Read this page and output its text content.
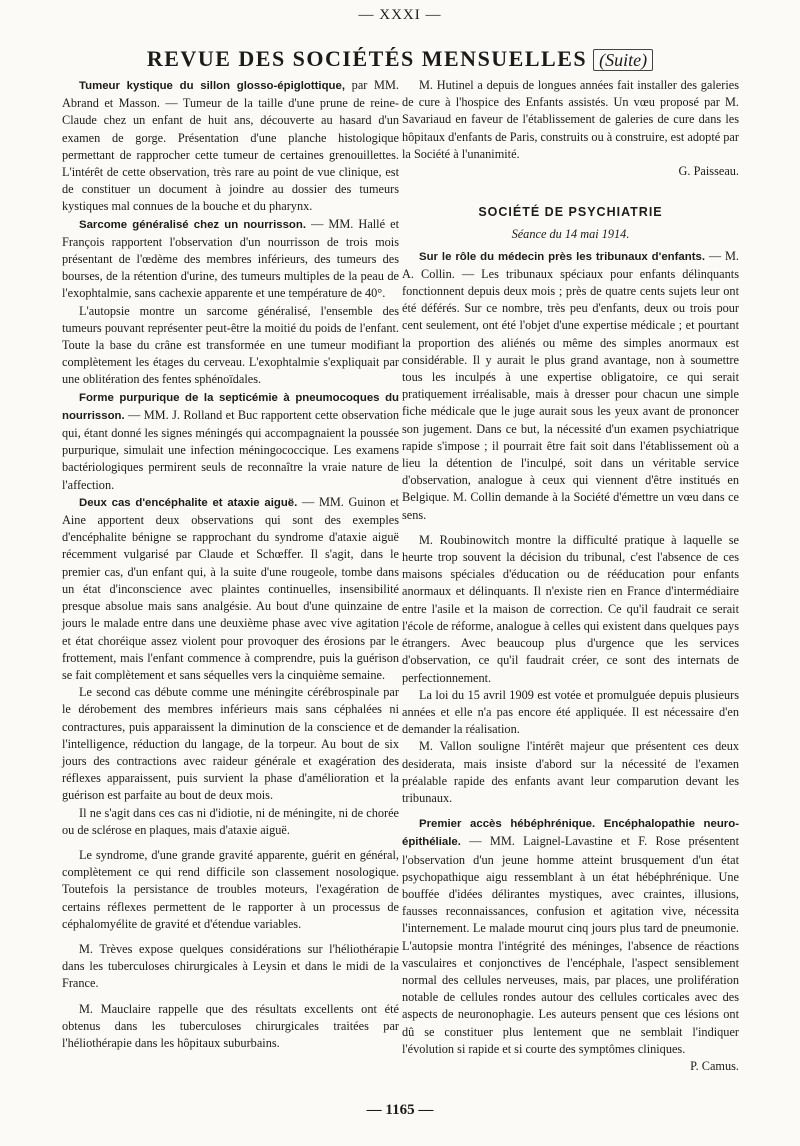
— XXXI —
REVUE DES SOCIÉTÉS MENSUELLES (Suite)

Tumeur kystique du sillon glosso-épiglottique, par MM. Abrand et Masson. — Tumeur de la taille d'une prune de reine-Claude chez un enfant de huit ans, découverte au hasard d'un examen de gorge. Présentation d'une planche histologique permettant de rapprocher cette tumeur de certaines grenouillettes. L'intérêt de cette observation, très rare au point de vue clinique, est de constituer un document à joindre au dossier des tumeurs kystiques mal connues de la bouche et du pharynx.

Sarcome généralisé chez un nourrisson. — MM. Hallé et François rapportent l'observation d'un nourrisson de trois mois présentant de l'œdème des membres inférieurs, des tumeurs des bourses, de la rétention d'urine, des tumeurs multiples de la peau de l'exophtalmie, sans cachexie apparente et une température de 40°.

L'autopsie montre un sarcome généralisé, l'ensemble des tumeurs pouvant représenter peut-être la moitié du poids de l'enfant. Toute la base du crâne est transformée en une tumeur modifiant complètement les étages du cerveau. L'exophtalmie s'expliquait par une oblitération des fentes sphénoïdales.

Forme purpurique de la septicémie à pneumocoques du nourrisson. — MM. J. Rolland et Buc rapportent cette observation qui, étant donné les signes méningés qui accompagnaient la poussée purpurique, simulait une infection méningococcique. Les examens bactériologiques permirent seuls de reconnaître la vraie nature de l'affection.

Deux cas d'encéphalite et ataxie aiguë. — MM. Guinon et Aine apportent deux observations qui sont des exemples d'encéphalite bénigne se rapprochant du syndrome d'ataxie aiguë récemment vulgarisé par Claude et Schœffer. Il s'agit, dans le premier cas, d'un enfant qui, à la suite d'une rougeole, tombe dans un état d'inconscience avec plaintes continuelles, insensibilité presque absolue mais sans analgésie. Au bout d'une quinzaine de jours le malade entre dans une deuxième phase avec vive agitation et état choréique assez violent pour provoquer des érosions par le frottement, mais l'enfant commence à comprendre, puis la guérison se fait complètement et sans séquelles vers la cinquième semaine.

Le second cas débute comme une méningite cérébrospinale par le dérobement des membres inférieurs mais sans céphalées ni contractures, puis apparaissent la diminution de la conscience et de l'intelligence, réduction du langage, de la torpeur. Au bout de six jours des contractions avec raideur générale et exagération des réflexes apparaissent, puis survient la phase d'amélioration et la guérison est parfaite au bout de deux mois.

Il ne s'agit dans ces cas ni d'idiotie, ni de méningite, ni de chorée ou de sclérose en plaques, mais d'ataxie aiguë.

Le syndrome, d'une grande gravité apparente, guérit en général, complètement ce qui rend difficile son classement nosologique. Toutefois la persistance de troubles moteurs, l'exagération de certains réflexes permettent de le rapporter à un processus de céphalomyélite de gravité et d'étendue variables.

M. Trèves expose quelques considérations sur l'héliothérapie dans les tuberculoses chirurgicales à Leysin et dans le midi de la France.

M. Mauclaire rappelle que des résultats excellents ont été obtenus dans les tuberculoses chirurgicales traitées par l'héliothérapie dans les hôpitaux suburbains.

M. Hutinel a depuis de longues années fait installer des galeries de cure à l'hospice des Enfants assistés. Un vœu proposé par M. Savariaud en faveur de l'établissement de galeries de cure dans les hôpitaux d'enfants de Paris, construits ou à construire, est adopté par la Société à l'unanimité.

G. Paisseau.

SOCIÉTÉ DE PSYCHIATRIE

Séance du 14 mai 1914.

Sur le rôle du médecin près les tribunaux d'enfants. — M. A. Collin. — Les tribunaux spéciaux pour enfants délinquants fonctionnent depuis deux mois ; près de quatre cents sujets leur ont été déférés. Sur ce nombre, très peu d'enfants, deux ou trois pour cent seulement, ont été l'objet d'une expertise médicale ; et pourtant la proportion des aliénés ou même des simples anormaux est considérable. Il y aurait le plus grand avantage, non à soumettre tous les inculpés à une expertise obligatoire, ce qui serait pratiquement irréalisable, mais à dresser pour chacun une simple fiche médicale que le juge aurait sous les yeux avant de prononcer son jugement. Dans ce but, la nécessité d'un examen psychiatrique rapide s'impose ; il pourrait être fait soit dans l'établissement où a lieu la détention de l'inculpé, soit dans un véritable service d'observation, analogue à ceux qui viennent d'être institués en Belgique. M. Collin demande à la Société d'émettre un vœu dans ce sens.

M. Roubinowitch montre la difficulté pratique à laquelle se heurte trop souvent la décision du tribunal, c'est l'absence de ces maisons spéciales d'éducation ou de rééducation pour enfants anormaux et délinquants. Il n'existe rien en France d'intermédiaire entre l'asile et la maison de correction. Ce qu'il faudrait ce serait l'école de réforme, analogue à celles qui existent dans quelques pays étrangers. Avec beaucoup plus d'urgence que les services d'observation, ce qu'il faudrait créer, ce sont des internats de perfectionnement.

La loi du 15 avril 1909 est votée et promulguée depuis plusieurs années et elle n'a pas encore été appliquée. Il est nécessaire d'en demander la réalisation.

M. Vallon souligne l'intérêt majeur que présentent ces deux desiderata, mais insiste d'abord sur la nécessité de l'examen préalable rapide des enfants avant leur comparution devant les tribunaux.

Premier accès hébéphrénique. Encéphalopathie neuro-épithéliale. — MM. Laignel-Lavastine et F. Rose présentent l'observation d'un jeune homme atteint brusquement d'un état psychopathique aigu ressemblant à un état hébéphrénique. Une bouffée d'idées délirantes mystiques, avec craintes, illusions, fausses reconnaissances, confusion et agitation vive, nécessita l'internement. Le malade mourut cinq jours plus tard de pneumonie. L'autopsie montra l'intégrité des méninges, l'absence de réactions vasculaires et conjonctives de l'encéphale, l'aspect sensiblement normal des cellules nerveuses, mais, par places, une prolifération notable de cellules rondes autour des cellules corticales avec des aspects de neuronophagie. Les auteurs pensent que ces lésions ont dû se constituer plus lentement que ne semblait l'indiquer l'évolution si rapide et si courte des symptômes cliniques.

P. Camus.
— 1165 —
